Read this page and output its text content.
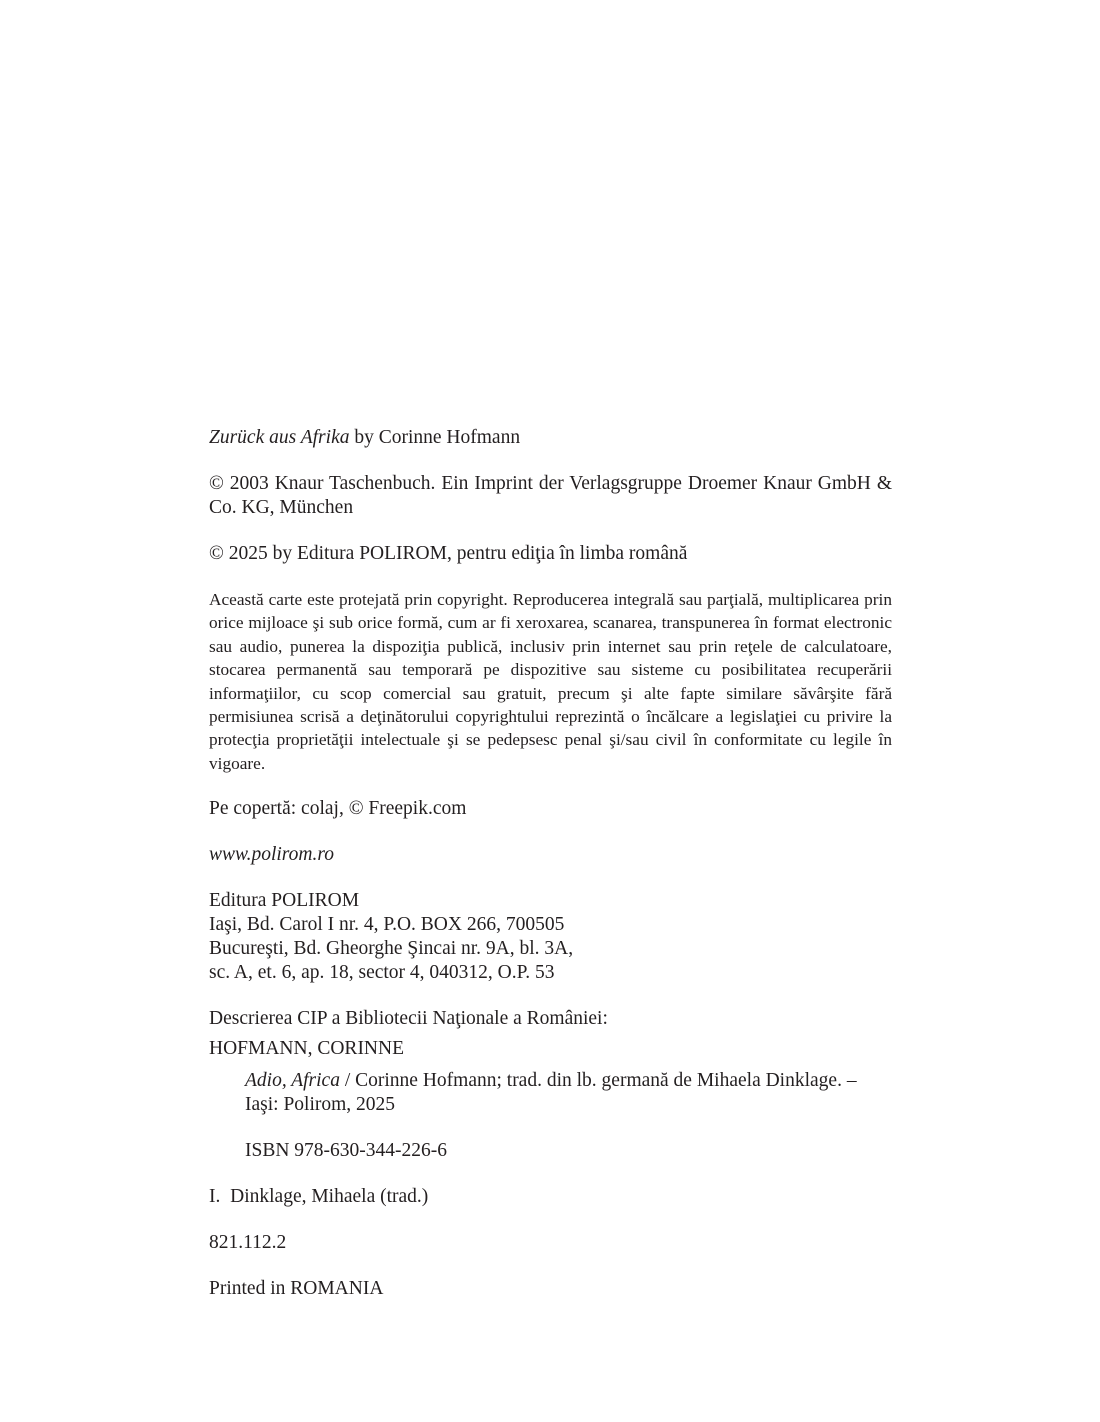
Zurück aus Afrika by Corinne Hofmann

© 2003 Knaur Taschenbuch. Ein Imprint der Verlagsgruppe Droemer Knaur GmbH & Co. KG, München

© 2025 by Editura POLIROM, pentru ediţia în limba română

Această carte este protejată prin copyright. Reproducerea integrală sau parţială, multiplicarea prin orice mijloace şi sub orice formă, cum ar fi xeroxarea, scanarea, transpunerea în format electronic sau audio, punerea la dispoziţia publică, inclusiv prin internet sau prin reţele de calculatoare, stocarea permanentă sau temporară pe dispozitive sau sisteme cu posibilitatea recuperării informaţiilor, cu scop comercial sau gratuit, precum şi alte fapte similare săvârşite fără permisiunea scrisă a deţinătorului copyrightului reprezintă o încălcare a legislaţiei cu privire la protecţia proprietăţii intelectuale şi se pedepsesc penal şi/sau civil în conformitate cu legile în vigoare.

Pe copertă: colaj, © Freepik.com

www.polirom.ro

Editura POLIROM

Iaşi, Bd. Carol I nr. 4, P.O. BOX 266, 700505

Bucureşti, Bd. Gheorghe Şincai nr. 9A, bl. 3A,

sc. A, et. 6, ap. 18, sector 4, 040312, O.P. 53

Descrierea CIP a Bibliotecii Naţionale a României:

HOFMANN, CORINNE

Adio, Africa / Corinne Hofmann; trad. din lb. germană de Mihaela Dinklage. –

Iaşi: Polirom, 2025

ISBN 978-630-344-226-6

I.  Dinklage, Mihaela (trad.)

821.112.2

Printed in ROMANIA
